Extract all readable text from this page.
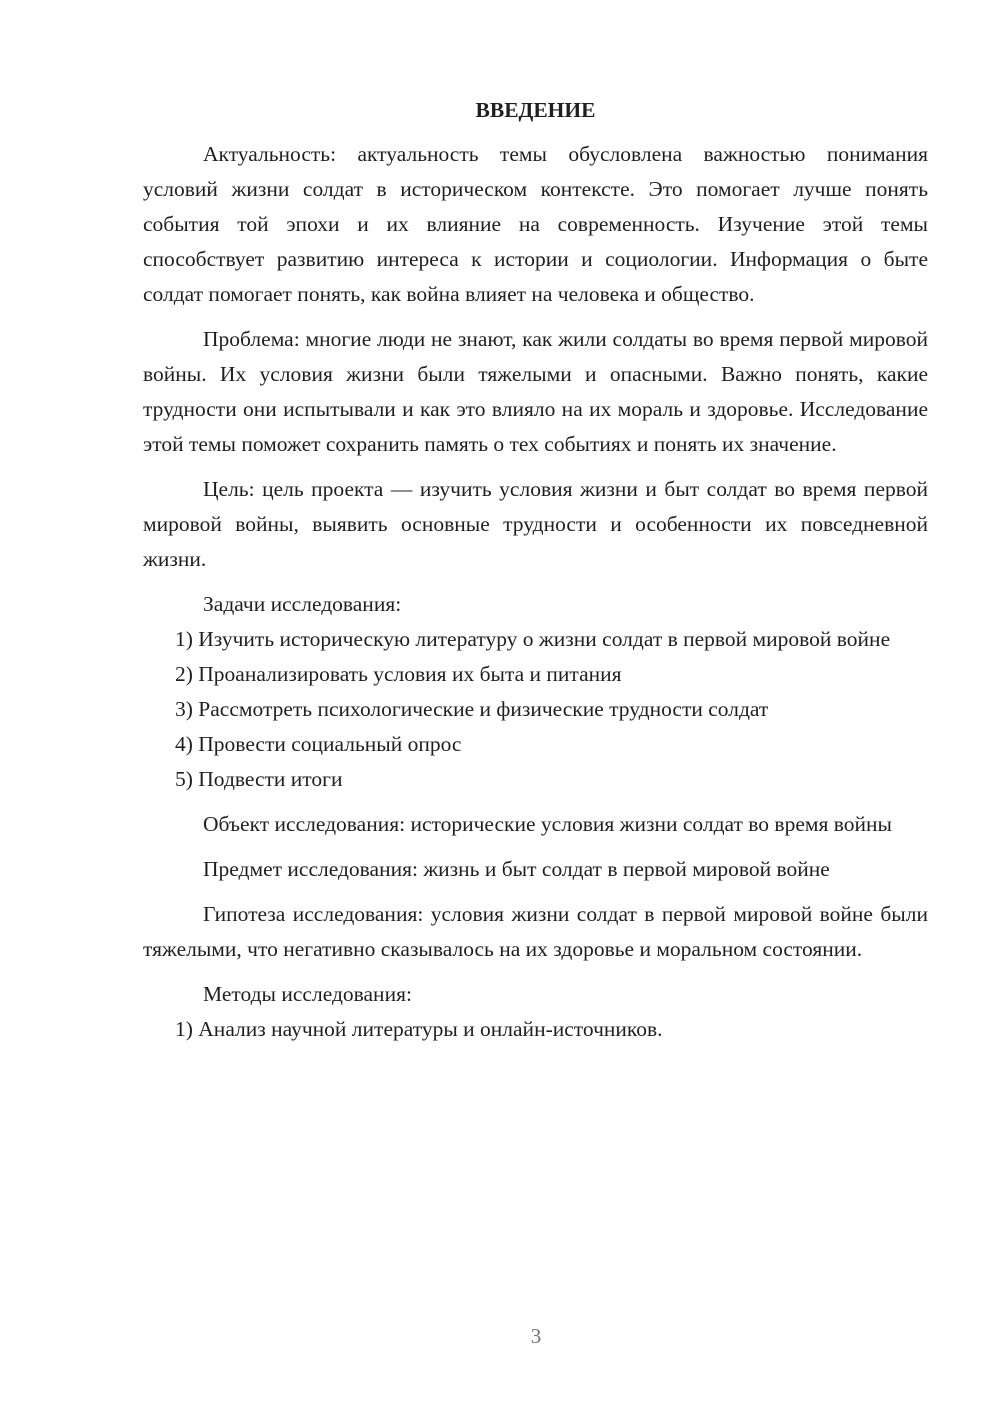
ВВЕДЕНИЕ

Актуальность: актуальность темы обусловлена важностью понимания условий жизни солдат в историческом контексте. Это помогает лучше понять события той эпохи и их влияние на современность. Изучение этой темы способствует развитию интереса к истории и социологии. Информация о быте солдат помогает понять, как война влияет на человека и общество.

Проблема: многие люди не знают, как жили солдаты во время первой мировой войны. Их условия жизни были тяжелыми и опасными. Важно понять, какие трудности они испытывали и как это влияло на их мораль и здоровье. Исследование этой темы поможет сохранить память о тех событиях и понять их значение.

Цель: цель проекта — изучить условия жизни и быт солдат во время первой мировой войны, выявить основные трудности и особенности их повседневной жизни.

Задачи исследования:

1) Изучить историческую литературу о жизни солдат в первой мировой войне

2) Проанализировать условия их быта и питания

3) Рассмотреть психологические и физические трудности солдат

4) Провести социальный опрос

5) Подвести итоги

Объект исследования: исторические условия жизни солдат во время войны

Предмет исследования: жизнь и быт солдат в первой мировой войне

Гипотеза исследования: условия жизни солдат в первой мировой войне были тяжелыми, что негативно сказывалось на их здоровье и моральном состоянии.

Методы исследования:

1) Анализ научной литературы и онлайн-источников.

3
